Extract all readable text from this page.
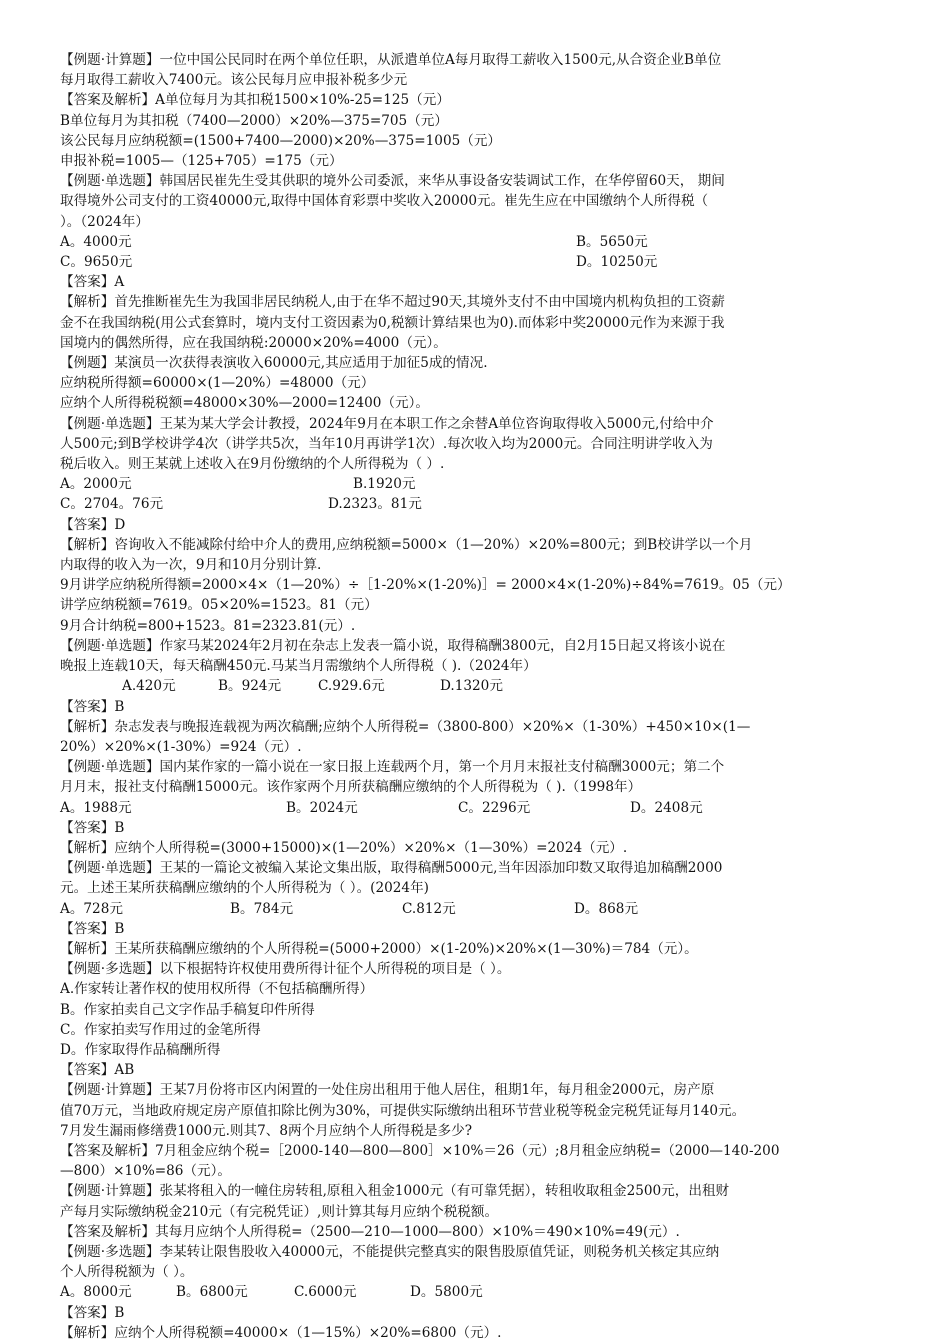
【例题·计算题】一位中国公民同时在两个单位任职，从派遣单位A每月取得工薪收入1500元,从合资企业B单位
每月取得工薪收入7400元。该公民每月应申报补税多少元
【答案及解析】A单位每月为其扣税1500×10%-25=125（元）
B单位每月为其扣税（7400—2000）×20%—375=705（元）
该公民每月应纳税额=(1500+7400—2000)×20%—375=1005（元）
申报补税=1005—（125+705）=175（元）
【例题·单选题】韩国居民崔先生受其供职的境外公司委派，来华从事设备安装调试工作，在华停留60天， 期间
取得境外公司支付的工资40000元,取得中国体育彩票中奖收入20000元。崔先生应在中国缴纳个人所得税（
）。（2024年）
A。4000元	B。5650元
C。9650元	D。10250元
【答案】A
【解析】首先推断崔先生为我国非居民纳税人,由于在华不超过90天,其境外支付不由中国境内机构负担的工资薪
金不在我国纳税(用公式套算时，境内支付工资因素为0,税额计算结果也为0).而体彩中奖20000元作为来源于我
国境内的偶然所得，应在我国纳税:20000×20%=4000（元）。
【例题】某演员一次获得表演收入60000元,其应适用于加征5成的情况.
应纳税所得额=60000×(1—20%）=48000（元）
应纳个人所得税税额=48000×30%—2000=12400（元）。
【例题·单选题】王某为某大学会计教授，2024年9月在本职工作之余替A单位咨询取得收入5000元,付给中介
人500元;到B学校讲学4次（讲学共5次，当年10月再讲学1次）.每次收入均为2000元。合同注明讲学收入为
税后收入。则王某就上述收入在9月份缴纳的个人所得税为（ ）.
A。2000元	B.1920元
C。2704。76元	D.2323。81元
【答案】D
【解析】咨询收入不能减除付给中介人的费用,应纳税额=5000×（1—20%）×20%=800元；到B校讲学以一个月
内取得的收入为一次，9月和10月分别计算.
9月讲学应纳税所得额=2000×4×（1—20%）÷［1-20%×(1-20%)］= 2000×4×(1-20%)÷84%=7619。05（元）
讲学应纳税额=7619。05×20%=1523。81（元）
9月合计纳税=800+1523。81=2323.81(元）.
【例题·单选题】作家马某2024年2月初在杂志上发表一篇小说，取得稿酬3800元，自2月15日起又将该小说在
晚报上连载10天，每天稿酬450元.马某当月需缴纳个人所得税（ ).（2024年）
A.420元	B。924元	C.929.6元	D.1320元
【答案】B
【解析】杂志发表与晚报连载视为两次稿酬;应纳个人所得税=（3800-800）×20%×（1-30%）+450×10×(1—
20%）×20%×(1-30%）=924（元）.
【例题·单选题】国内某作家的一篇小说在一家日报上连载两个月，第一个月月末报社支付稿酬3000元；第二个
月月末，报社支付稿酬15000元。该作家两个月所获稿酬应缴纳的个人所得税为（ ).（1998年）
A。1988元	B。2024元	C。2296元	D。2408元
【答案】B
【解析】应纳个人所得税=(3000+15000)×(1—20%）×20%×（1—30%）=2024（元）.
【例题·单选题】王某的一篇论文被编入某论文集出版，取得稿酬5000元,当年因添加印数又取得追加稿酬2000
元。上述王某所获稿酬应缴纳的个人所得税为（ ）。(2024年)
A。728元	B。784元	C.812元	D。868元
【答案】B
【解析】王某所获稿酬应缴纳的个人所得税=(5000+2000）×(1-20%)×20%×(1—30%)＝784（元）。
【例题·多选题】以下根据特许权使用费所得计征个人所得税的项目是（ ）。
A.作家转让著作权的使用权所得（不包括稿酬所得）
B。作家拍卖自己文字作品手稿复印件所得
C。作家拍卖写作用过的金笔所得
D。作家取得作品稿酬所得
【答案】AB
【例题·计算题】王某7月份将市区内闲置的一处住房出租用于他人居住，租期1年，每月租金2000元，房产原
值70万元，当地政府规定房产原值扣除比例为30%，可提供实际缴纳出租环节营业税等税金完税凭证每月140元。
7月发生漏雨修缮费1000元.则其7、8两个月应纳个人所得税是多少?
【答案及解析】7月租金应纳个税=［2000-140—800—800］×10%＝26（元）;8月租金应纳税=（2000—140-200
—800）×10%=86（元）。
【例题·计算题】张某将租入的一幢住房转租,原租入租金1000元（有可靠凭据），转租收取租金2500元，出租财
产每月实际缴纳税金210元（有完税凭证）,则计算其每月应纳个税税额。
【答案及解析】其每月应纳个人所得税=（2500—210—1000—800）×10%＝490×10%=49(元）.
【例题·多选题】李某转让限售股收入40000元，不能提供完整真实的限售股原值凭证，则税务机关核定其应纳
个人所得税额为（ ）。
A。8000元	B。6800元	C.6000元	D。5800元
【答案】B
【解析】应纳个人所得税额=40000×（1—15%）×20%=6800（元）.
